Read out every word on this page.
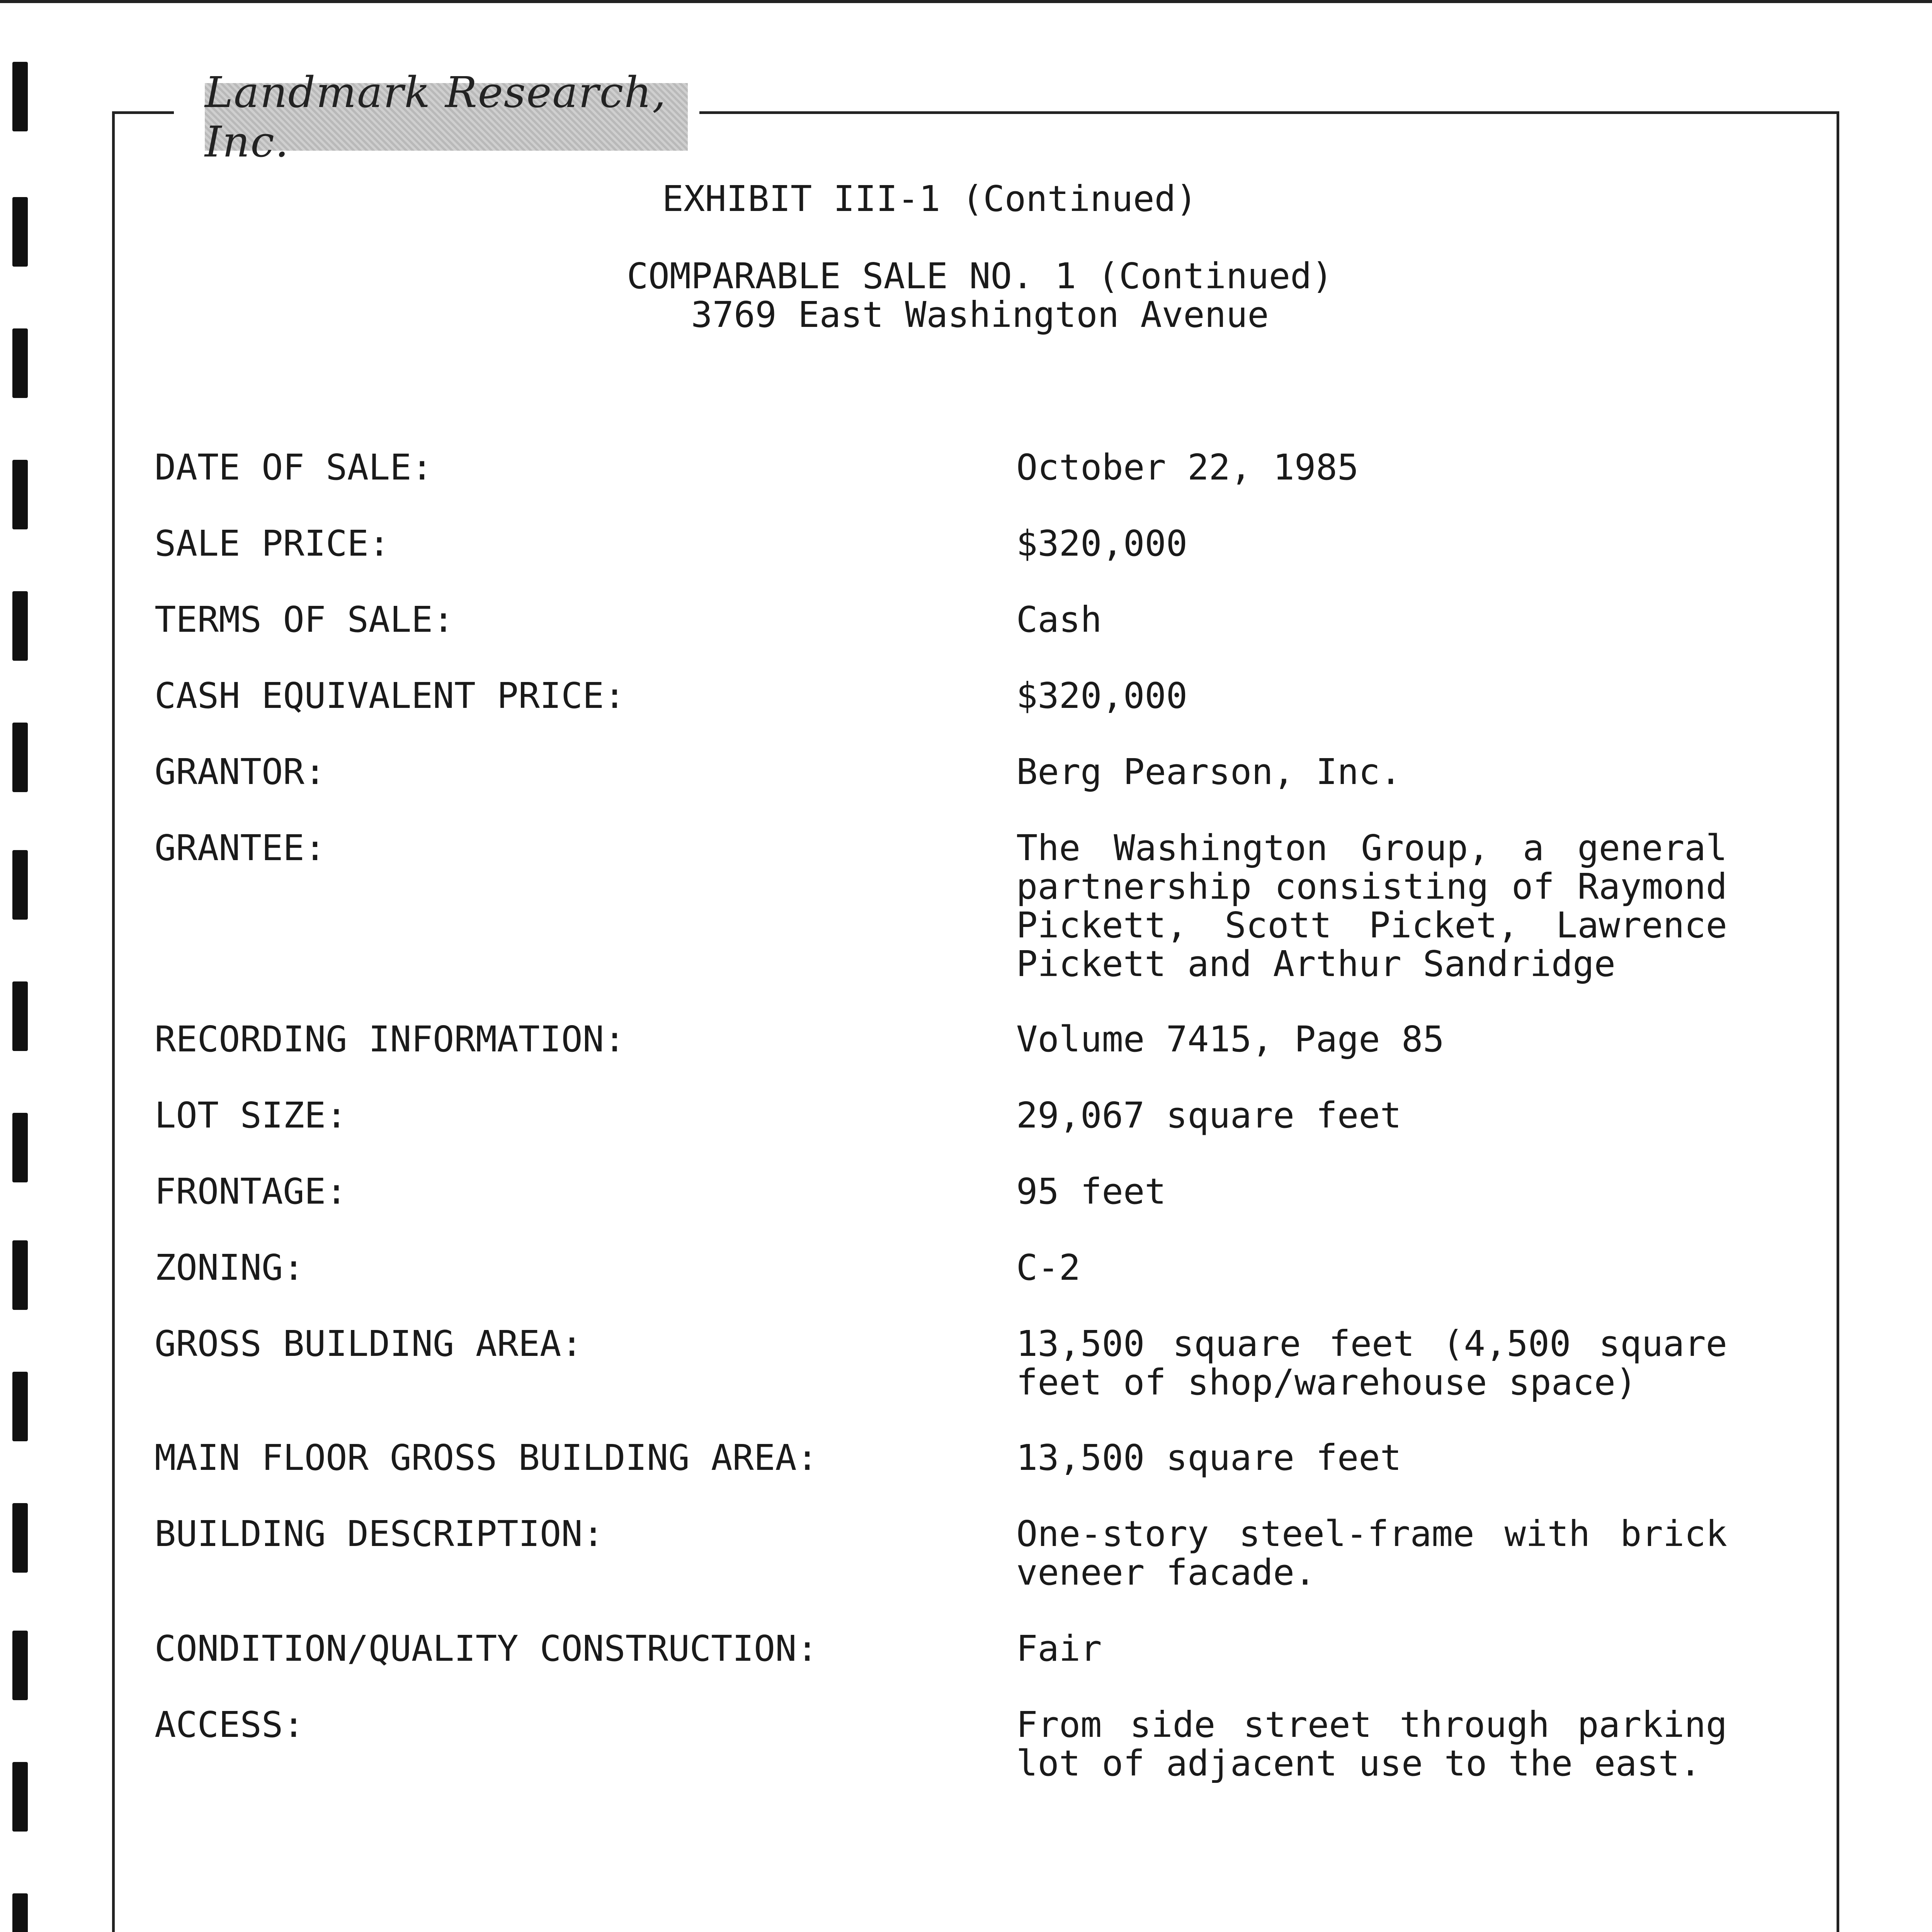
Landmark Research, Inc.
EXHIBIT III-1 (Continued)
COMPARABLE SALE NO. 1 (Continued)
3769 East Washington Avenue
DATE OF SALE:	October 22, 1985
SALE PRICE:	$320,000
TERMS OF SALE:	Cash
CASH EQUIVALENT PRICE:	$320,000
GRANTOR:	Berg Pearson, Inc.
GRANTEE:	The Washington Group, a general partnership consisting of Raymond Pickett, Scott Picket, Lawrence Pickett and Arthur Sandridge
RECORDING INFORMATION:	Volume 7415, Page 85
LOT SIZE:	29,067 square feet
FRONTAGE:	95 feet
ZONING:	C-2
GROSS BUILDING AREA:	13,500 square feet (4,500 square feet of shop/warehouse space)
MAIN FLOOR GROSS BUILDING AREA:	13,500 square feet
BUILDING DESCRIPTION:	One-story steel-frame with brick veneer facade.
CONDITION/QUALITY CONSTRUCTION:	Fair
ACCESS:	From side street through parking lot of adjacent use to the east.
